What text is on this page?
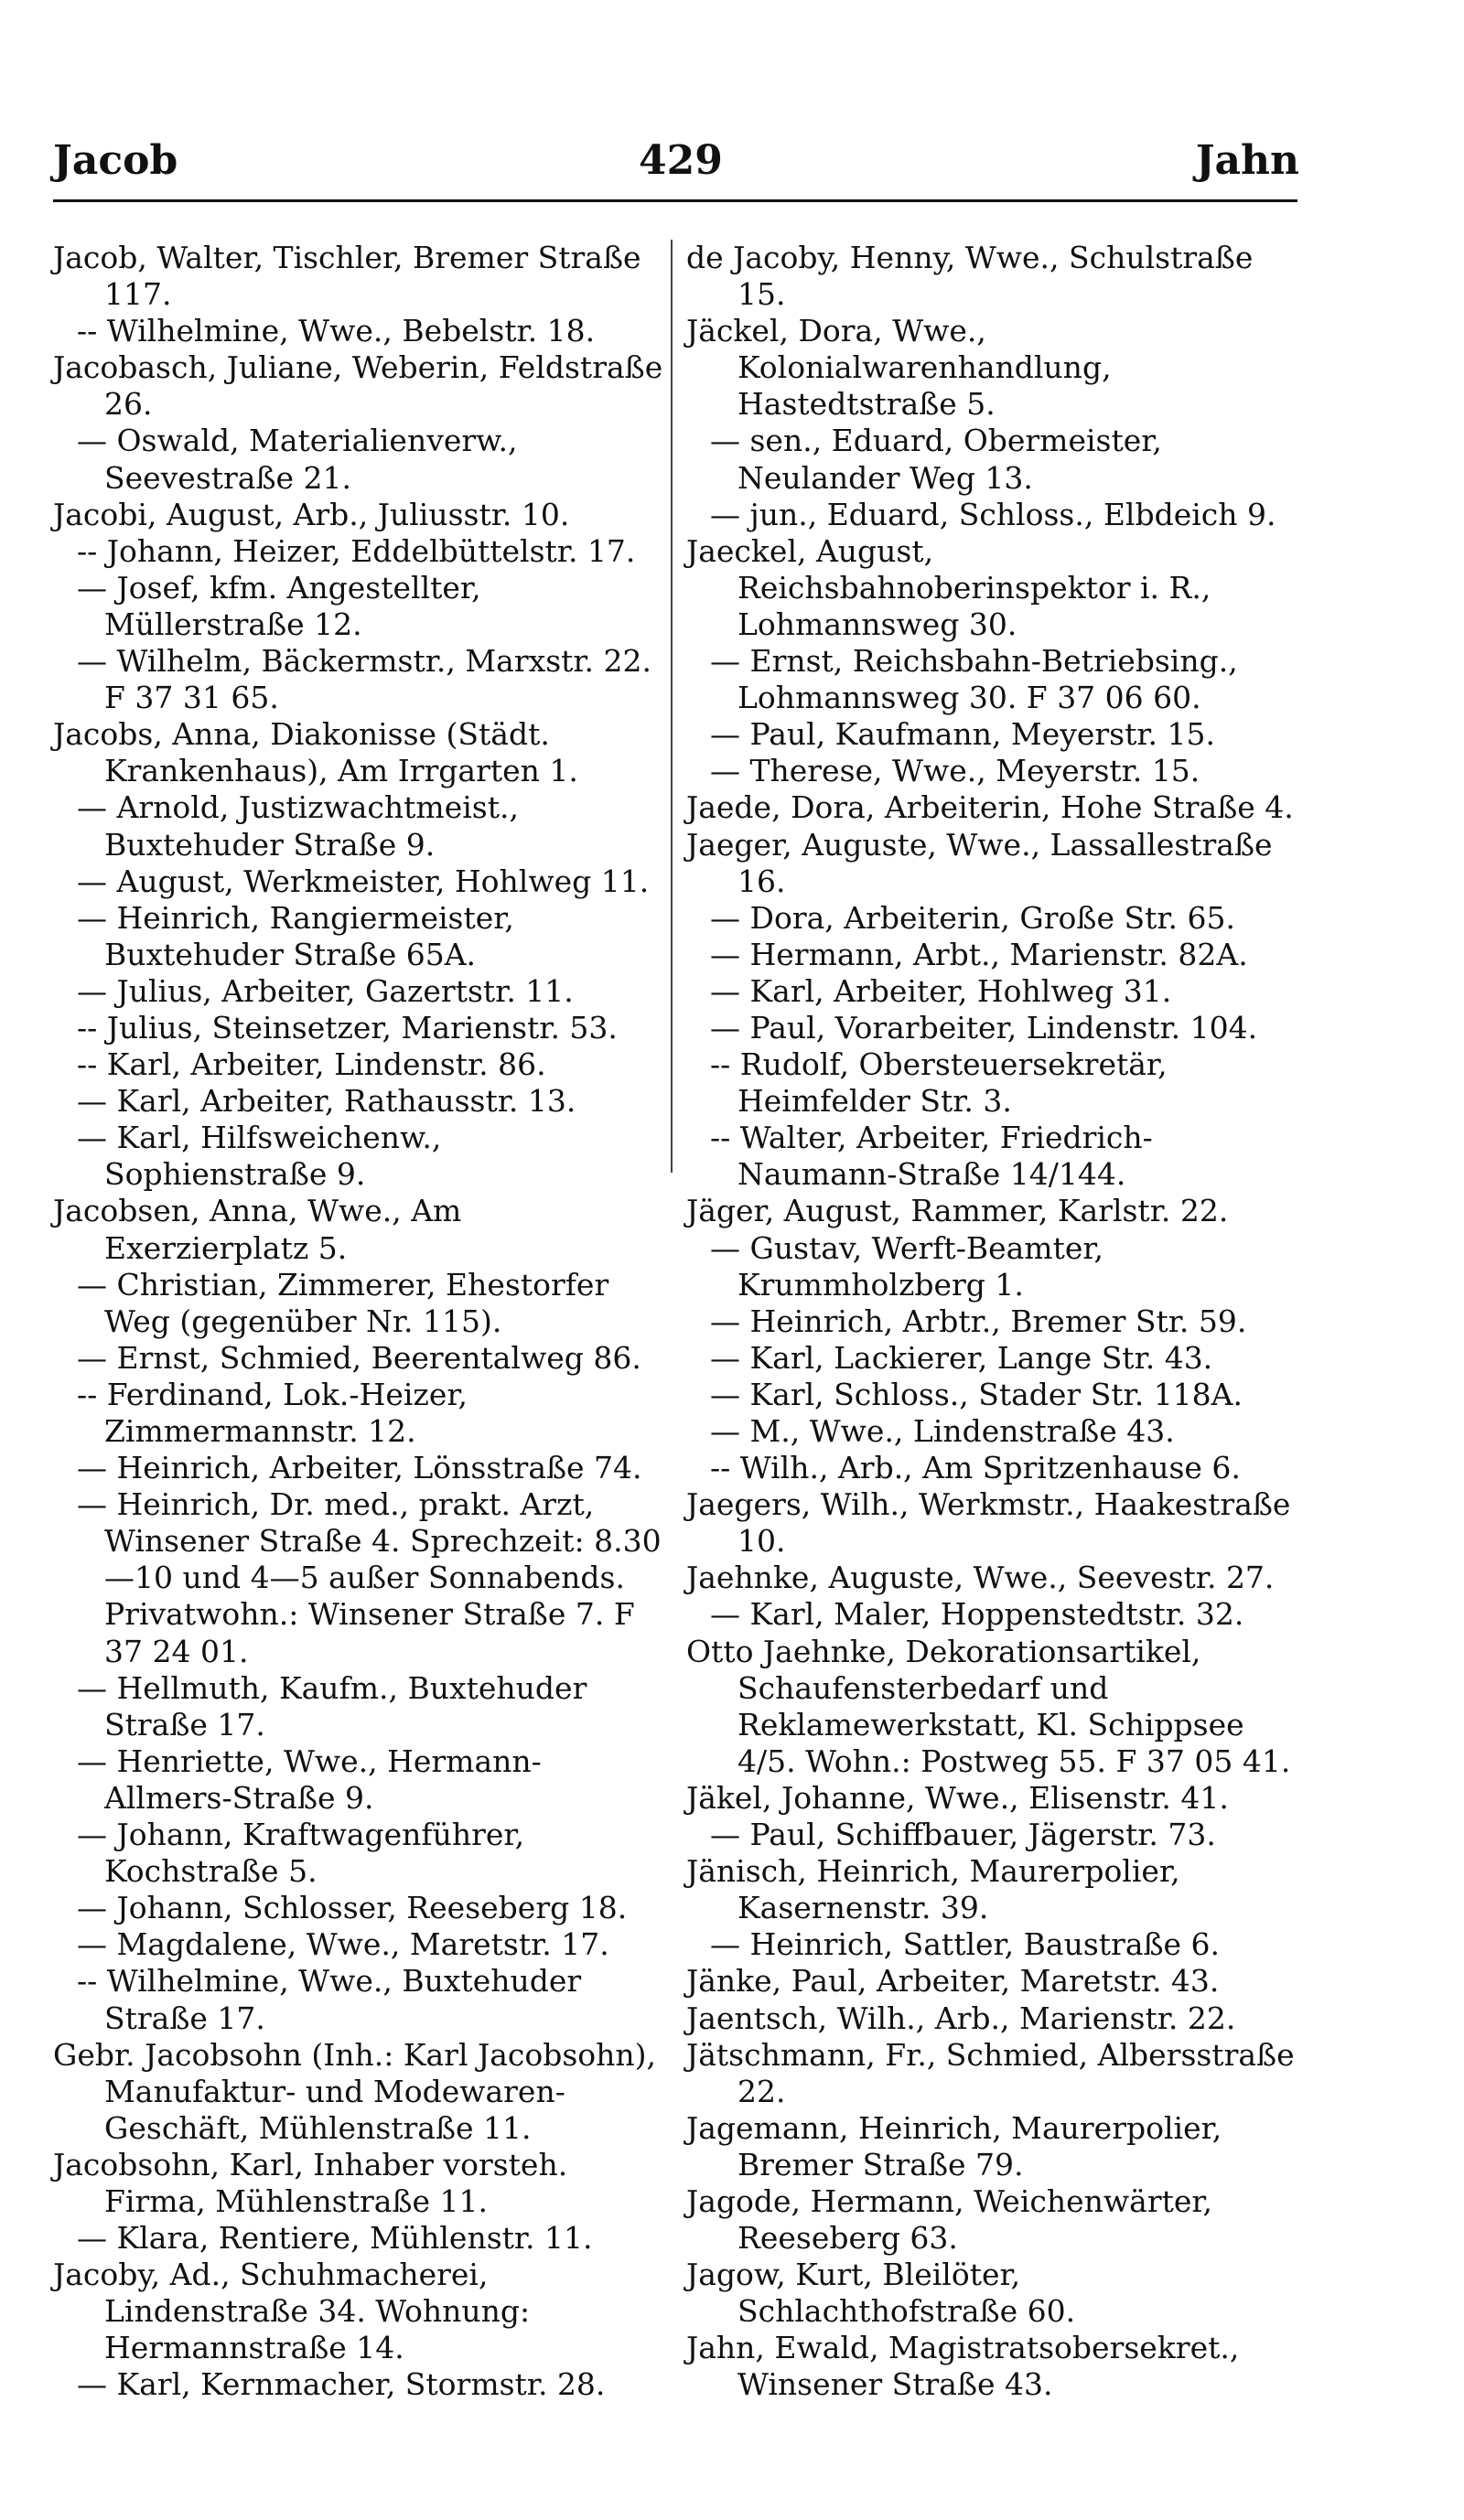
Jacob	429	Jahn

Jacob, Walter, Tischler, Bremer Straße 117.

-- Wilhelmine, Wwe., Bebelstr. 18.

Jacobasch, Juliane, Weberin, Feldstraße 26.

— Oswald, Materialienverw., Seevestraße 21.

Jacobi, August, Arb., Juliusstr. 10.

-- Johann, Heizer, Eddelbüttelstr. 17.

— Josef, kfm. Angestellter, Müllerstraße 12.

— Wilhelm, Bäckermstr., Marxstr. 22. F 37 31 65.

Jacobs, Anna, Diakonisse (Städt. Krankenhaus), Am Irrgarten 1.

— Arnold, Justizwachtmeist., Buxtehuder Straße 9.

— August, Werkmeister, Hohlweg 11.

— Heinrich, Rangiermeister, Buxtehuder Straße 65A.

— Julius, Arbeiter, Gazertstr. 11.

-- Julius, Steinsetzer, Marienstr. 53.

-- Karl, Arbeiter, Lindenstr. 86.

— Karl, Arbeiter, Rathausstr. 13.

— Karl, Hilfsweichenw., Sophienstraße 9.

Jacobsen, Anna, Wwe., Am Exerzierplatz 5.

— Christian, Zimmerer, Ehestorfer Weg (gegenüber Nr. 115).

— Ernst, Schmied, Beerentalweg 86.

-- Ferdinand, Lok.-Heizer, Zimmermannstr. 12.

— Heinrich, Arbeiter, Lönsstraße 74.

— Heinrich, Dr. med., prakt. Arzt, Winsener Straße 4. Sprechzeit: 8.30—10 und 4—5 außer Sonnabends. Privatwohn.: Winsener Straße 7. F 37 24 01.

— Hellmuth, Kaufm., Buxtehuder Straße 17.

— Henriette, Wwe., Hermann-Allmers-Straße 9.

— Johann, Kraftwagenführer, Kochstraße 5.

— Johann, Schlosser, Reeseberg 18.

— Magdalene, Wwe., Maretstr. 17.

-- Wilhelmine, Wwe., Buxtehuder Straße 17.

Gebr. Jacobsohn (Inh.: Karl Jacobsohn), Manufaktur- und Modewaren-Geschäft, Mühlenstraße 11.

Jacobsohn, Karl, Inhaber vorsteh. Firma, Mühlenstraße 11.

— Klara, Rentiere, Mühlenstr. 11.

Jacoby, Ad., Schuhmacherei, Lindenstraße 34. Wohnung: Hermannstraße 14.

— Karl, Kernmacher, Stormstr. 28.

de Jacoby, Henny, Wwe., Schulstraße 15.

Jäckel, Dora, Wwe., Kolonialwarenhandlung, Hastedtstraße 5.

— sen., Eduard, Obermeister, Neulander Weg 13.

— jun., Eduard, Schloss., Elbdeich 9.

Jaeckel, August, Reichsbahnoberinspektor i. R., Lohmannsweg 30.

— Ernst, Reichsbahn-Betriebsing., Lohmannsweg 30. F 37 06 60.

— Paul, Kaufmann, Meyerstr. 15.

— Therese, Wwe., Meyerstr. 15.

Jaede, Dora, Arbeiterin, Hohe Straße 4.

Jaeger, Auguste, Wwe., Lassallestraße 16.

— Dora, Arbeiterin, Große Str. 65.

— Hermann, Arbt., Marienstr. 82A.

— Karl, Arbeiter, Hohlweg 31.

— Paul, Vorarbeiter, Lindenstr. 104.

-- Rudolf, Obersteuersekretär, Heimfelder Str. 3.

-- Walter, Arbeiter, Friedrich-Naumann-Straße 14/144.

Jäger, August, Rammer, Karlstr. 22.

— Gustav, Werft-Beamter, Krummholzberg 1.

— Heinrich, Arbtr., Bremer Str. 59.

— Karl, Lackierer, Lange Str. 43.

— Karl, Schloss., Stader Str. 118A.

— M., Wwe., Lindenstraße 43.

-- Wilh., Arb., Am Spritzenhause 6.

Jaegers, Wilh., Werkmstr., Haakestraße 10.

Jaehnke, Auguste, Wwe., Seevestr. 27.

— Karl, Maler, Hoppenstedtstr. 32.

Otto Jaehnke, Dekorationsartikel, Schaufensterbedarf und Reklamewerkstatt, Kl. Schippsee 4/5. Wohn.: Postweg 55. F 37 05 41.

Jäkel, Johanne, Wwe., Elisenstr. 41.

— Paul, Schiffbauer, Jägerstr. 73.

Jänisch, Heinrich, Maurerpolier, Kasernenstr. 39.

— Heinrich, Sattler, Baustraße 6.

Jänke, Paul, Arbeiter, Maretstr. 43.

Jaentsch, Wilh., Arb., Marienstr. 22.

Jätschmann, Fr., Schmied, Albersstraße 22.

Jagemann, Heinrich, Maurerpolier, Bremer Straße 79.

Jagode, Hermann, Weichenwärter, Reeseberg 63.

Jagow, Kurt, Bleilöter, Schlachthofstraße 60.

Jahn, Ewald, Magistratsobersekret., Winsener Straße 43.
